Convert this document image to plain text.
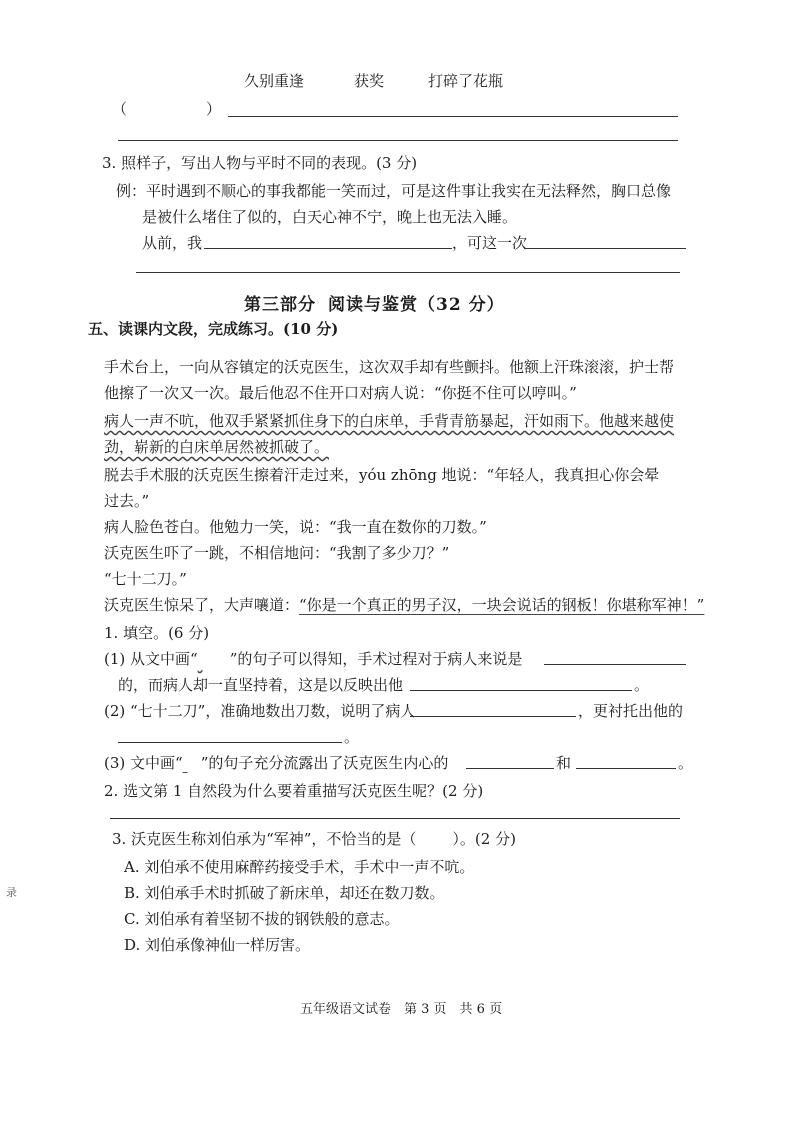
久别重逢	获奖	打碎了花瓶
（	）
3. 照样子，写出人物与平时不同的表现。(3 分)
例：平时遇到不顺心的事我都能一笑而过，可是这件事让我实在无法释然，胸口总像
是被什么堵住了似的，白天心神不宁，晚上也无法入睡。
从前，我	，可这一次
第三部分 阅读与鉴赏（32 分）
五、读课内文段，完成练习。(10 分)
手术台上，一向从容镇定的沃克医生，这次双手却有些颤抖。他额上汗珠滚滚，护士帮
他擦了一次又一次。最后他忍不住开口对病人说：“你挺不住可以哼叫。”
病人一声不吭，他双手紧紧抓住身下的白床单，手背青筋暴起，汗如雨下。他越来越使
劲，崭新的白床单居然被抓破了。
脱去手术服的沃克医生擦着汗走过来，yóu zhōng 地说：“年轻人，我真担心你会晕
过去。”
病人脸色苍白。他勉力一笑，说：“我一直在数你的刀数。”
沃克医生吓了一跳，不相信地问：“我割了多少刀？”
“七十二刀。”
沃克医生惊呆了，大声嚷道：“你是一个真正的男子汉，一块会说话的钢板！你堪称军神！”
1. 填空。(6 分)
(1) 从文中画“ ”的句子可以得知，手术过程对于病人来说是
的，而病人却一直坚持着，这是以反映出他	。
(2) “七十二刀”，准确地数出刀数，说明了病人	，更衬托出他的
。
(3) 文中画“ ”的句子充分流露出了沃克医生内心的	和	。
2. 选文第 1 自然段为什么要着重描写沃克医生呢？(2 分)
3. 沃克医生称刘伯承为“军神”，不恰当的是（ ）。(2 分)
A. 刘伯承不使用麻醉药接受手术，手术中一声不吭。
B. 刘伯承手术时抓破了新床单，却还在数刀数。
C. 刘伯承有着坚韧不拔的钢铁般的意志。
D. 刘伯承像神仙一样厉害。
五年级语文试卷　第 3 页　共 6 页
录
